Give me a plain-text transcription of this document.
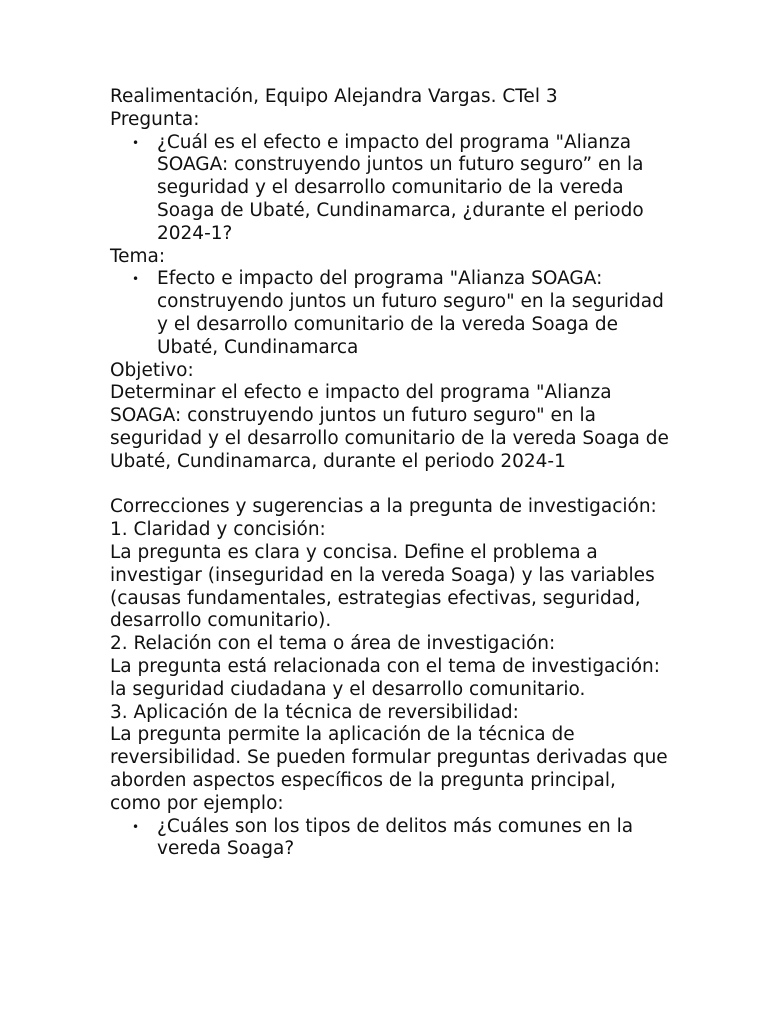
Realimentación, Equipo Alejandra Vargas. CTel 3

Pregunta:

• ¿Cuál es el efecto e impacto del programa "Alianza SOAGA: construyendo juntos un futuro seguro” en la seguridad y el desarrollo comunitario de la vereda Soaga de Ubaté, Cundinamarca, ¿durante el periodo 2024-1?

Tema:

• Efecto e impacto del programa "Alianza SOAGA: construyendo juntos un futuro seguro" en la seguridad y el desarrollo comunitario de la vereda Soaga de Ubaté, Cundinamarca

Objetivo:

Determinar el efecto e impacto del programa "Alianza SOAGA: construyendo juntos un futuro seguro" en la seguridad y el desarrollo comunitario de la vereda Soaga de Ubaté, Cundinamarca, durante el periodo 2024-1

Correcciones y sugerencias a la pregunta de investigación:

1. Claridad y concisión:

La pregunta es clara y concisa. Define el problema a investigar (inseguridad en la vereda Soaga) y las variables (causas fundamentales, estrategias efectivas, seguridad, desarrollo comunitario).

2. Relación con el tema o área de investigación:

La pregunta está relacionada con el tema de investigación: la seguridad ciudadana y el desarrollo comunitario.

3. Aplicación de la técnica de reversibilidad:

La pregunta permite la aplicación de la técnica de reversibilidad. Se pueden formular preguntas derivadas que aborden aspectos específicos de la pregunta principal, como por ejemplo:

• ¿Cuáles son los tipos de delitos más comunes en la vereda Soaga?
